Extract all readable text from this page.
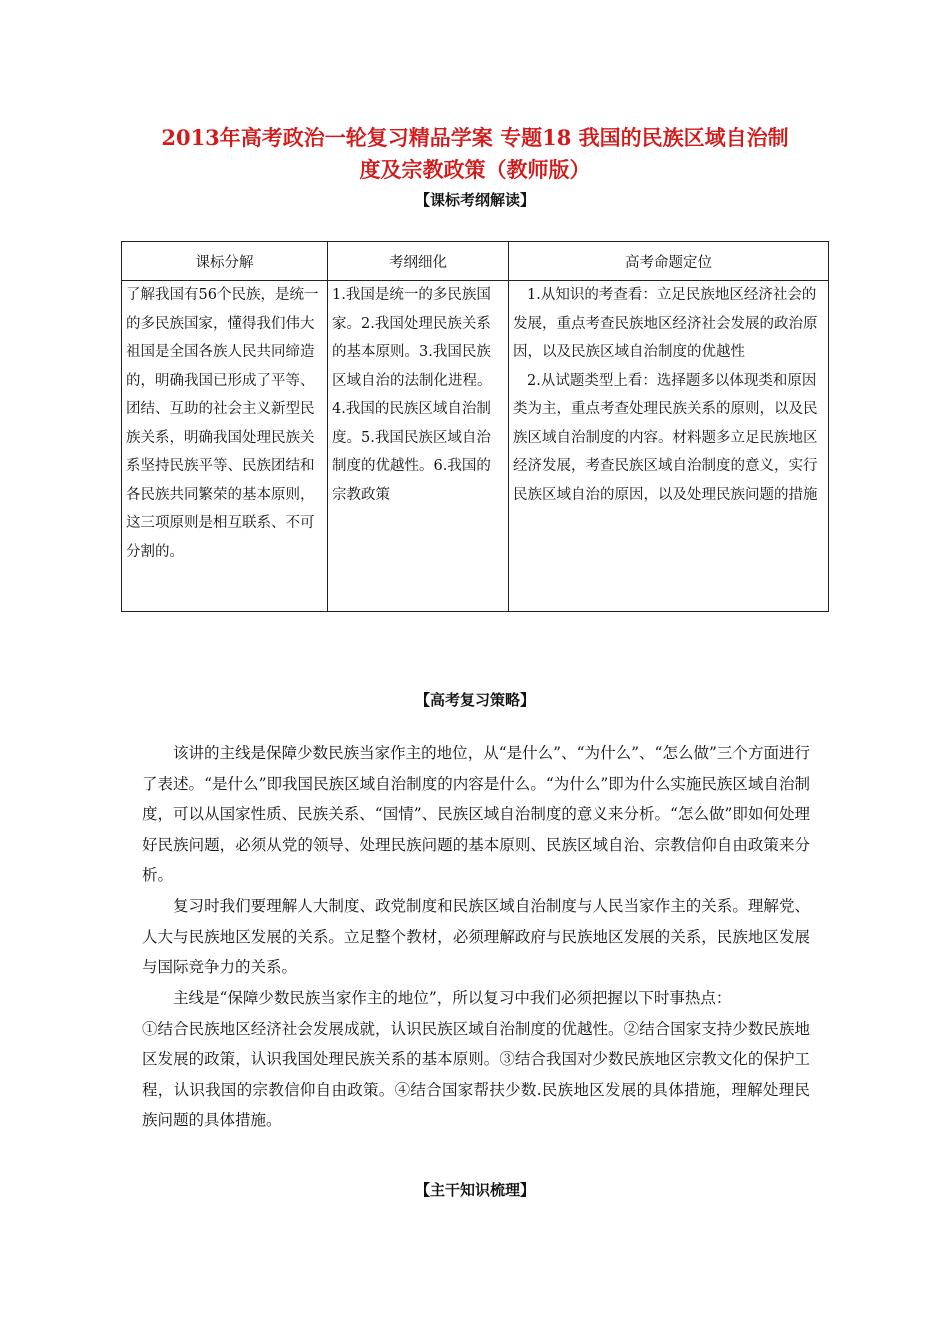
2013年高考政治一轮复习精品学案 专题18 我国的民族区域自治制
度及宗教政策（教师版）

【课标考纲解读】

课标分解	考纲细化	高考命题定位
了解我国有56个民族，是统一的多民族国家，懂得我们伟大祖国是全国各族人民共同缔造的，明确我国已形成了平等、团结、互助的社会主义新型民族关系，明确我国处理民族关系坚持民族平等、民族团结和各民族共同繁荣的基本原则，这三项原则是相互联系、不可分割的。	1.我国是统一的多民族国家。2.我国处理民族关系的基本原则。3.我国民族区域自治的法制化进程。4.我国的民族区域自治制度。5.我国民族区域自治制度的优越性。6.我国的宗教政策	1.从知识的考查看：立足民族地区经济社会的发展，重点考查民族地区经济社会发展的政治原因，以及民族区域自治制度的优越性
2.从试题类型上看：选择题多以体现类和原因类为主，重点考查处理民族关系的原则，以及民族区域自治制度的内容。材料题多立足民族地区经济发展，考查民族区域自治制度的意义，实行民族区域自治的原因，以及处理民族问题的措施

【高考复习策略】

该讲的主线是保障少数民族当家作主的地位，从“是什么”、“为什么”、“怎么做”三个方面进行了表述。“是什么”即我国民族区域自治制度的内容是什么。“为什么”即为什么实施民族区域自治制度，可以从国家性质、民族关系、“国情”、民族区域自治制度的意义来分析。“怎么做”即如何处理好民族问题，必须从党的领导、处理民族问题的基本原则、民族区域自治、宗教信仰自由政策来分析。

复习时我们要理解人大制度、政党制度和民族区域自治制度与人民当家作主的关系。理解党、人大与民族地区发展的关系。立足整个教材，必须理解政府与民族地区发展的关系，民族地区发展与国际竞争力的关系。

主线是“保障少数民族当家作主的地位”，所以复习中我们必须把握以下时事热点：
①结合民族地区经济社会发展成就，认识民族区域自治制度的优越性。②结合国家支持少数民族地区发展的政策，认识我国处理民族关系的基本原则。③结合我国对少数民族地区宗教文化的保护工程，认识我国的宗教信仰自由政策。④结合国家帮扶少数.民族地区发展的具体措施，理解处理民族问题的具体措施。

【主干知识梳理】
